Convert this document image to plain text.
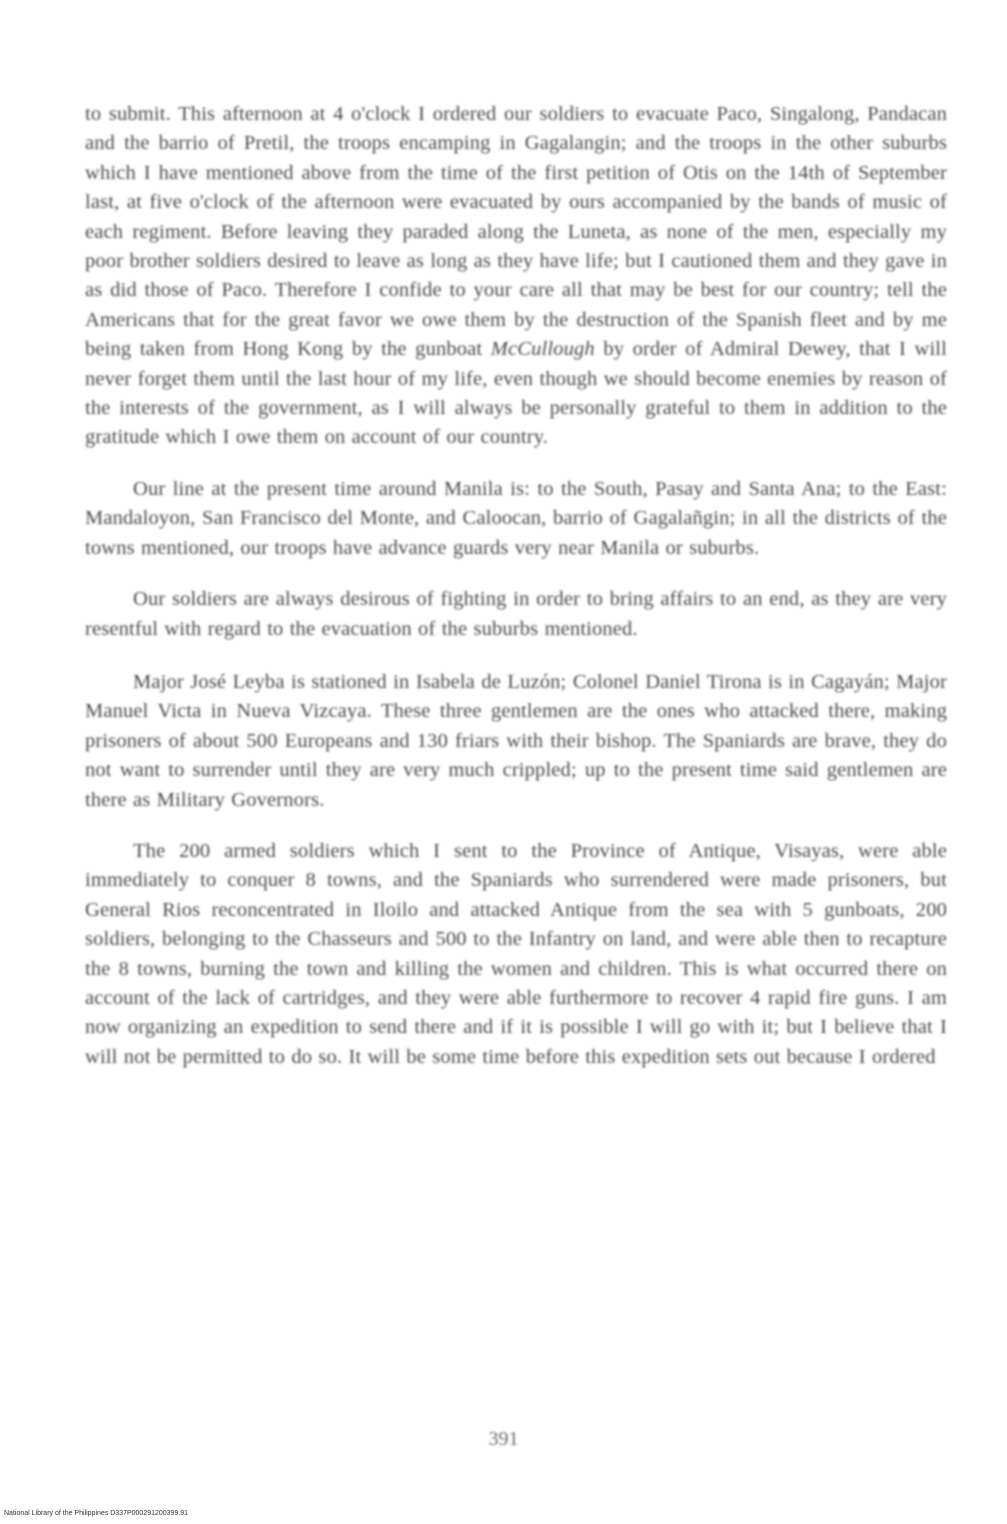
to submit. This afternoon at 4 o'clock I ordered our soldiers to evacuate Paco, Singalong, Pandacan and the barrio of Pretil, the troops encamping in Gagalangin; and the troops in the other suburbs which I have mentioned above from the time of the first petition of Otis on the 14th of September last, at five o'clock of the afternoon were evacuated by ours accompanied by the bands of music of each regiment. Before leaving they paraded along the Luneta, as none of the men, especially my poor brother soldiers desired to leave as long as they have life; but I cautioned them and they gave in as did those of Paco. Therefore I confide to your care all that may be best for our country; tell the Americans that for the great favor we owe them by the destruction of the Spanish fleet and by me being taken from Hong Kong by the gunboat McCullough by order of Admiral Dewey, that I will never forget them until the last hour of my life, even though we should become enemies by reason of the interests of the government, as I will always be personally grateful to them in addition to the gratitude which I owe them on account of our country.

Our line at the present time around Manila is: to the South, Pasay and Santa Ana; to the East: Mandaloyon, San Francisco del Monte, and Caloocan, barrio of Gagalañgin; in all the districts of the towns mentioned, our troops have advance guards very near Manila or suburbs.

Our soldiers are always desirous of fighting in order to bring affairs to an end, as they are very resentful with regard to the evacuation of the suburbs mentioned.

Major José Leyba is stationed in Isabela de Luzón; Colonel Daniel Tirona is in Cagayán; Major Manuel Victa in Nueva Vizcaya. These three gentlemen are the ones who attacked there, making prisoners of about 500 Europeans and 130 friars with their bishop. The Spaniards are brave, they do not want to surrender until they are very much crippled; up to the present time said gentlemen are there as Military Governors.

The 200 armed soldiers which I sent to the Province of Antique, Visayas, were able immediately to conquer 8 towns, and the Spaniards who surrendered were made prisoners, but General Rios reconcentrated in Iloilo and attacked Antique from the sea with 5 gunboats, 200 soldiers, belonging to the Chasseurs and 500 to the Infantry on land, and were able then to recapture the 8 towns, burning the town and killing the women and children. This is what occurred there on account of the lack of cartridges, and they were able furthermore to recover 4 rapid fire guns. I am now organizing an expedition to send there and if it is possible I will go with it; but I believe that I will not be permitted to do so. It will be some time before this expedition sets out because I ordered

391
National Library of the Philippines D337P000291200399.91
